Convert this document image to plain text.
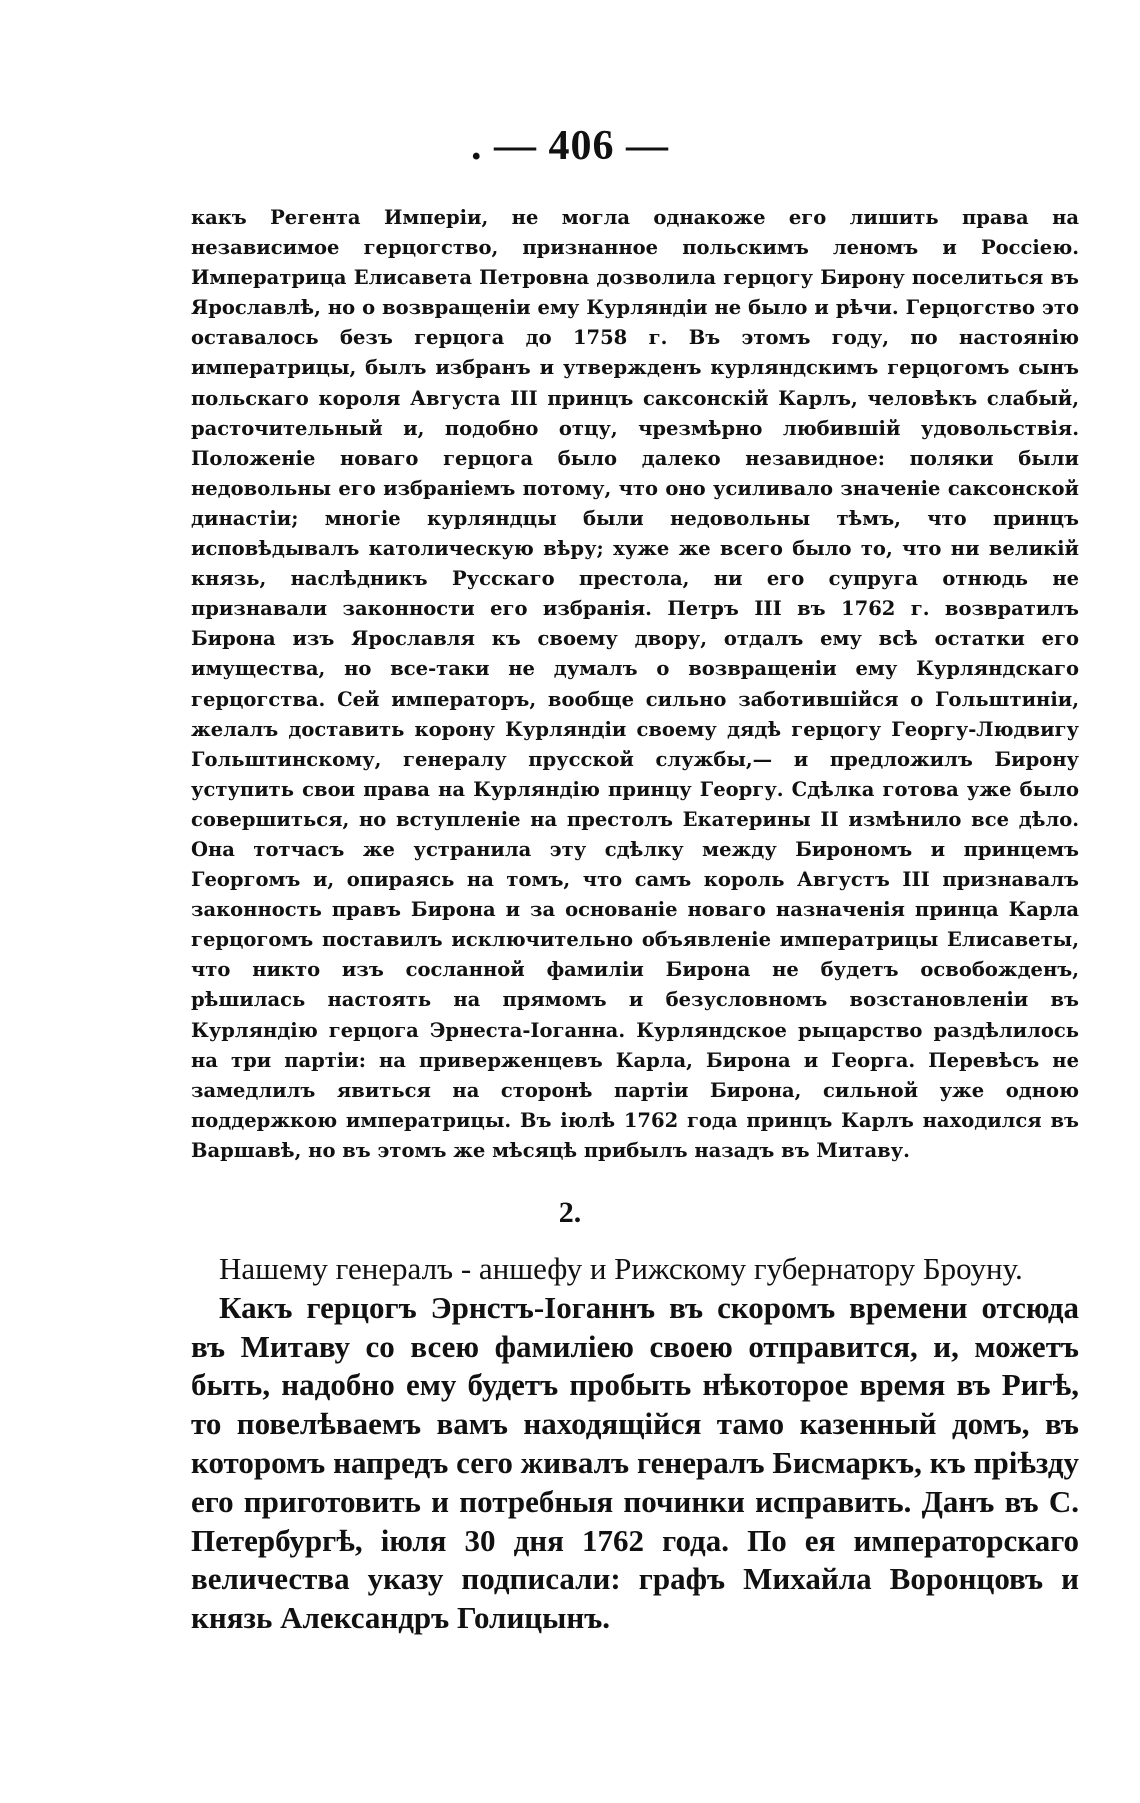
. — 406 —

какъ Регента Имперіи, не могла однакоже его лишить права на независимое герцогство, признанное польскимъ леномъ и Россіею. Императрица Елисавета Петровна дозволила герцогу Бирону поселиться въ Ярославлѣ, но о возвращеніи ему Курляндіи не было и рѣчи. Герцогство это оставалось безъ герцога до 1758 г. Въ этомъ году, по настоянію императрицы, былъ избранъ и утвержденъ курляндскимъ герцогомъ сынъ польскаго короля Августа III принцъ саксонскій Карлъ, человѣкъ слабый, расточительный и, подобно отцу, чрезмѣрно любившій удовольствія. Положеніе новаго герцога было далеко незавидное: поляки были недовольны его избраніемъ потому, что оно усиливало значеніе саксонской династіи; многіе курляндцы были недовольны тѣмъ, что принцъ исповѣдывалъ католическую вѣру; хуже же всего было то, что ни великій князь, наслѣдникъ Русскаго престола, ни его супруга отнюдь не признавали законности его избранія. Петръ III въ 1762 г. возвратилъ Бирона изъ Ярославля къ своему двору, отдалъ ему всѣ остатки его имущества, но все-таки не думалъ о возвращеніи ему Курляндскаго герцогства. Сей императоръ, вообще сильно заботившійся о Гольштиніи, желалъ доставить корону Курляндіи своему дядѣ герцогу Георгу-Людвигу Гольштинскому, генералу прусской службы,— и предложилъ Бирону уступить свои права на Курляндію принцу Георгу. Сдѣлка готова уже было совершиться, но вступленіе на престолъ Екатерины II измѣнило все дѣло. Она тотчасъ же устранила эту сдѣлку между Бирономъ и принцемъ Георгомъ и, опираясь на томъ, что самъ король Августъ III признавалъ законность правъ Бирона и за основаніе новаго назначенія принца Карла герцогомъ поставилъ исключительно объявленіе императрицы Елисаветы, что никто изъ сосланной фамиліи Бирона не будетъ освобожденъ, рѣшилась настоять на прямомъ и безусловномъ возстановленіи въ Курляндію герцога Эрнеста-Іоганна. Курляндское рыцарство раздѣлилось на три партіи: на приверженцевъ Карла, Бирона и Георга. Перевѣсъ не замедлилъ явиться на сторонѣ партіи Бирона, сильной уже одною поддержкою императрицы. Въ іюлѣ 1762 года принцъ Карлъ находился въ Варшавѣ, но въ этомъ же мѣсяцѣ прибылъ назадъ въ Митаву.

2.

Нашему генералъ - аншефу и Рижскому губернатору Броуну.

Какъ герцогъ Эрнстъ-Іоганнъ въ скоромъ времени отсюда въ Митаву со всею фамиліею своею отправится, и, можетъ быть, надобно ему будетъ пробыть нѣкоторое время въ Ригѣ, то повелѣваемъ вамъ находящійся тамо казенный домъ, въ которомъ напредъ сего живалъ генералъ Бисмаркъ, къ пріѣзду его приготовить и потребныя починки исправить. Данъ въ С. Петербургѣ, іюля 30 дня 1762 года. По ея императорскаго величества указу подписали: графъ Михайла Воронцовъ и князь Александръ Голицынъ.
